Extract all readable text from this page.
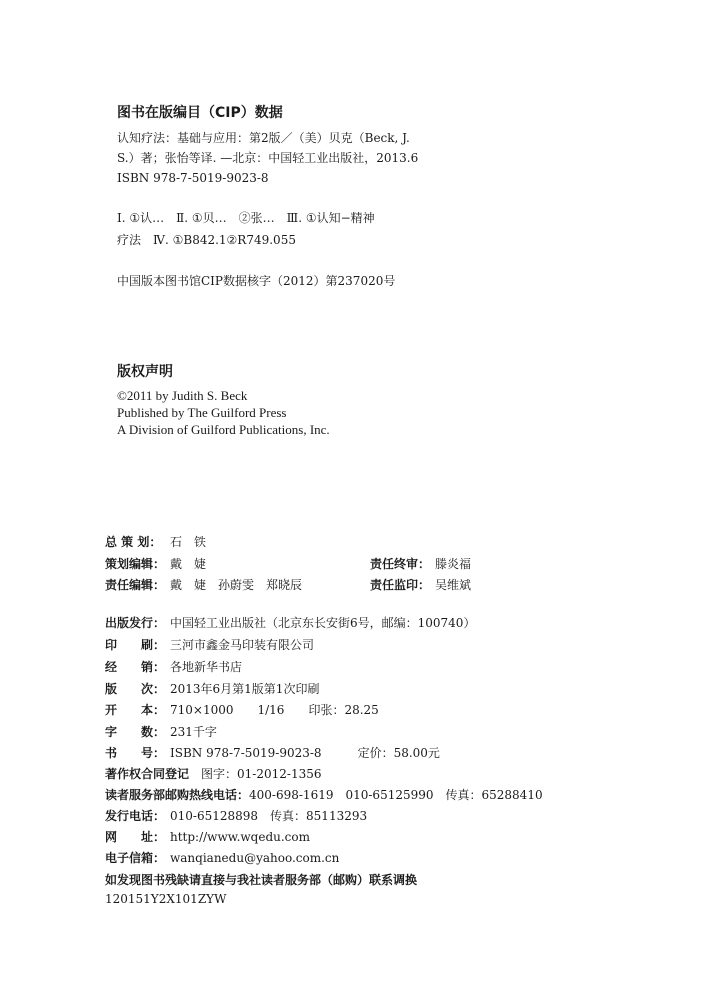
图书在版编目（CIP）数据
认知疗法：基础与应用：第2版／（美）贝克（Beck, J.
S.）著；张怡等译. —北京：中国轻工业出版社，2013.6
ISBN 978-7-5019-9023-8
Ⅰ. ①认…　Ⅱ. ①贝…　②张…　Ⅲ. ①认知−精神
疗法　Ⅳ. ①B842.1②R749.055
中国版本图书馆CIP数据核字（2012）第237020号
版权声明
©2011 by Judith S. Beck
Published by The Guilford Press
A Division of Guilford Publications, Inc.
总 策 划： 石　铁
策划编辑： 戴　婕	责任终审： 滕炎福
责任编辑： 戴　婕　孙蔚雯　郑晓辰	责任监印： 吴维斌
出版发行： 中国轻工业出版社（北京东长安街6号，邮编：100740）
印　　刷： 三河市鑫金马印装有限公司
经　　销： 各地新华书店
版　　次： 2013年6月第1版第1次印刷
开　　本： 710×1000　　1/16　　印张：28.25
字　　数： 231千字
书　　号： ISBN 978-7-5019-9023-8　　　定价：58.00元
著作权合同登记　 图字：01-2012-1356
读者服务部邮购热线电话：400-698-1619　010-65125990　传真：65288410
发行电话： 010-65128898　传真：85113293
网　　址： http://www.wqedu.com
电子信箱： wanqianedu@yahoo.com.cn
如发现图书残缺请直接与我社读者服务部（邮购）联系调换
120151Y2X101ZYW
